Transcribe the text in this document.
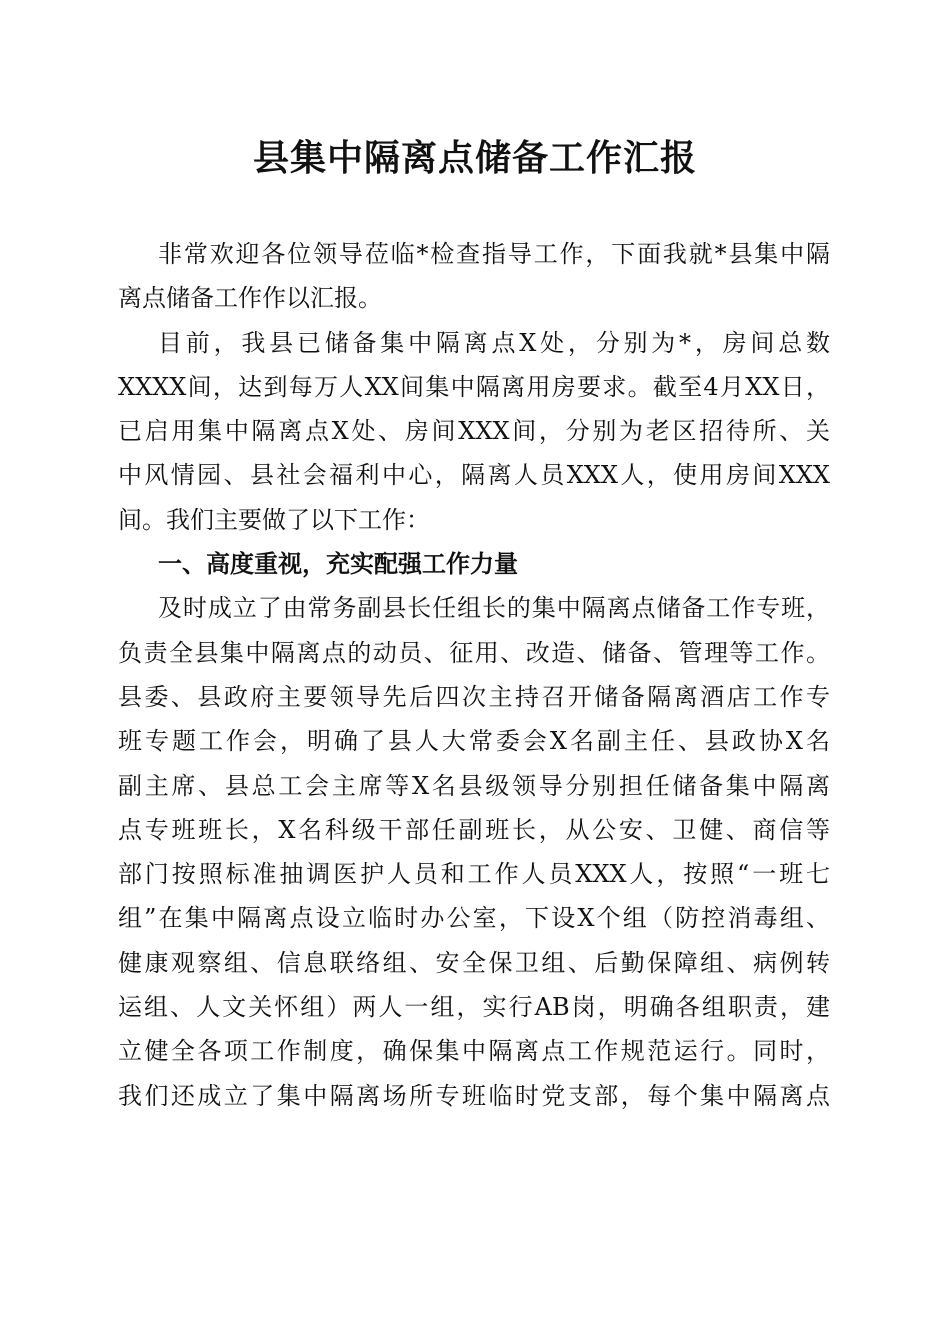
县集中隔离点储备工作汇报
非常欢迎各位领导莅临*检查指导工作，下面我就*县集中隔
离点储备工作作以汇报。
目前，我县已储备集中隔离点X处，分别为*，房间总数
XXXX间，达到每万人XX间集中隔离用房要求。截至4月XX日，
已启用集中隔离点X处、房间XXX间，分别为老区招待所、关
中风情园、县社会福利中心，隔离人员XXX人，使用房间XXX
间。我们主要做了以下工作：
一、高度重视，充实配强工作力量
及时成立了由常务副县长任组长的集中隔离点储备工作专班，
负责全县集中隔离点的动员、征用、改造、储备、管理等工作。
县委、县政府主要领导先后四次主持召开储备隔离酒店工作专
班专题工作会，明确了县人大常委会X名副主任、县政协X名
副主席、县总工会主席等X名县级领导分别担任储备集中隔离
点专班班长，X名科级干部任副班长，从公安、卫健、商信等
部门按照标准抽调医护人员和工作人员XXX人，按照“一班七
组”在集中隔离点设立临时办公室，下设X个组（防控消毒组、
健康观察组、信息联络组、安全保卫组、后勤保障组、病例转
运组、人文关怀组）两人一组，实行AB岗，明确各组职责，建
立健全各项工作制度，确保集中隔离点工作规范运行。同时，
我们还成立了集中隔离场所专班临时党支部，每个集中隔离点
